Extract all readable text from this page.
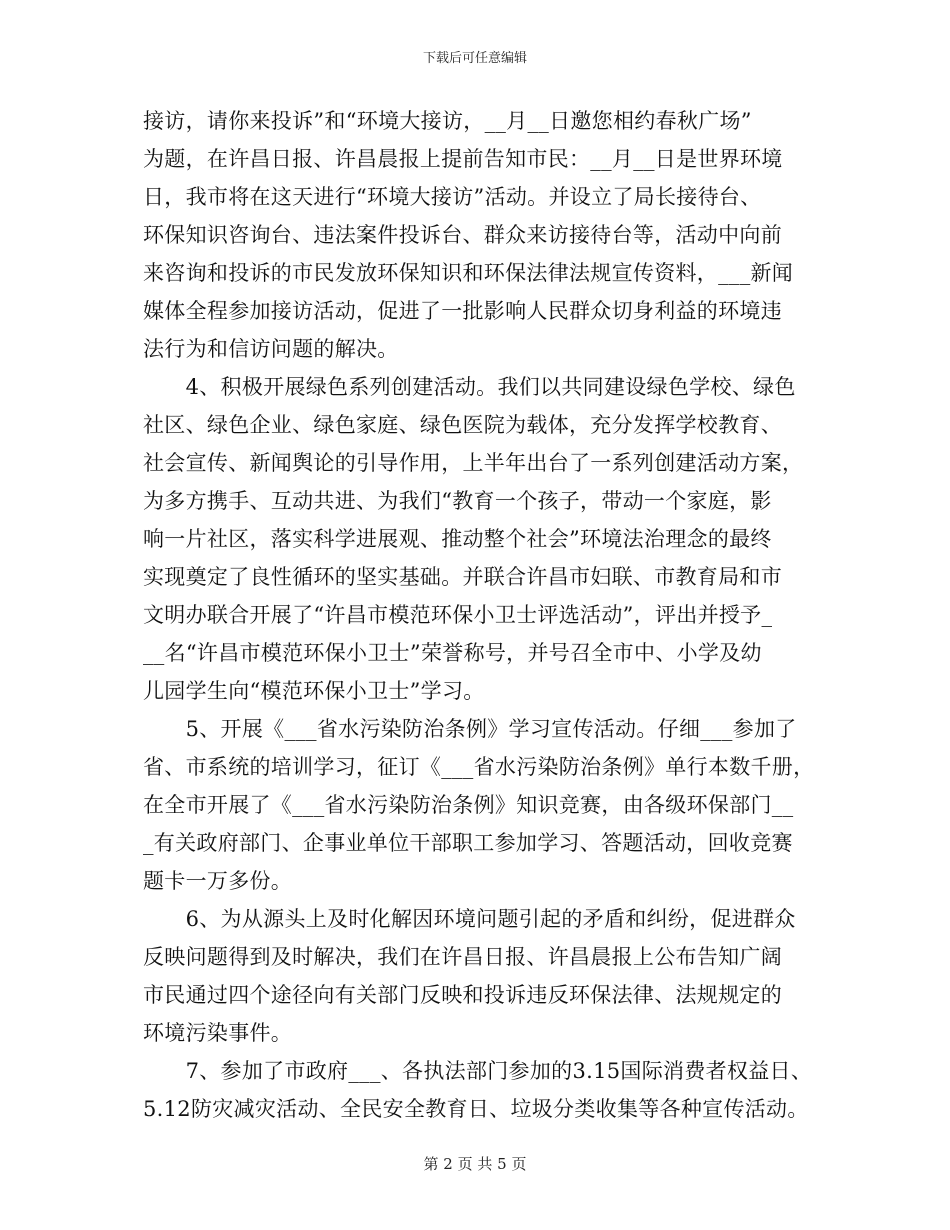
下载后可任意编辑
接访，请你来投诉”和“环境大接访，__月__日邀您相约春秋广场”
为题，在许昌日报、许昌晨报上提前告知市民：__月__日是世界环境
日，我市将在这天进行“环境大接访”活动。并设立了局长接待台、
环保知识咨询台、违法案件投诉台、群众来访接待台等，活动中向前
来咨询和投诉的市民发放环保知识和环保法律法规宣传资料，___新闻
媒体全程参加接访活动，促进了一批影响人民群众切身利益的环境违
法行为和信访问题的解决。
　　4、积极开展绿色系列创建活动。我们以共同建设绿色学校、绿色
社区、绿色企业、绿色家庭、绿色医院为载体，充分发挥学校教育、
社会宣传、新闻舆论的引导作用，上半年出台了一系列创建活动方案，
为多方携手、互动共进、为我们“教育一个孩子，带动一个家庭，影
响一片社区，落实科学进展观、推动整个社会”环境法治理念的最终
实现奠定了良性循环的坚实基础。并联合许昌市妇联、市教育局和市
文明办联合开展了“许昌市模范环保小卫士评选活动”，评出并授予_
__名“许昌市模范环保小卫士”荣誉称号，并号召全市中、小学及幼
儿园学生向“模范环保小卫士”学习。
　　5、开展《___省水污染防治条例》学习宣传活动。仔细___参加了
省、市系统的培训学习，征订《___省水污染防治条例》单行本数千册，
在全市开展了《___省水污染防治条例》知识竞赛，由各级环保部门__
_有关政府部门、企事业单位干部职工参加学习、答题活动，回收竞赛
题卡一万多份。
　　6、为从源头上及时化解因环境问题引起的矛盾和纠纷，促进群众
反映问题得到及时解决，我们在许昌日报、许昌晨报上公布告知广阔
市民通过四个途径向有关部门反映和投诉违反环保法律、法规规定的
环境污染事件。
　　7、参加了市政府___、各执法部门参加的3.15国际消费者权益日、
5.12防灾减灾活动、全民安全教育日、垃圾分类收集等各种宣传活动。
第 2 页 共 5 页
